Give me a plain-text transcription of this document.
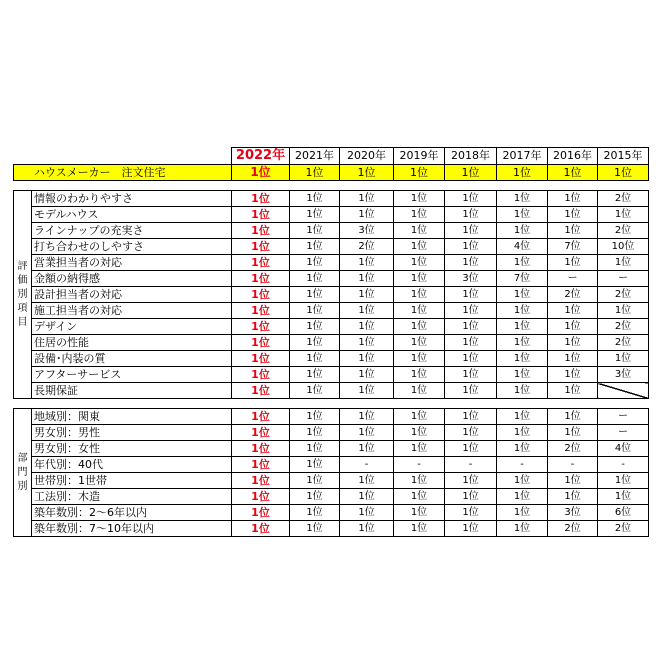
	2022年	2021年	2020年	2019年	2018年	2017年	2016年	2015年
ハウスメーカー　注文住宅	1位	1位	1位	1位	1位	1位	1位	1位
評価別項目	情報のわかりやすさ	1位	1位	1位	1位	1位	1位	1位	2位
	モデルハウス	1位	1位	1位	1位	1位	1位	1位	1位
	ラインナップの充実さ	1位	1位	3位	1位	1位	1位	1位	2位
	打ち合わせのしやすさ	1位	1位	2位	1位	1位	4位	7位	10位
	営業担当者の対応	1位	1位	1位	1位	1位	1位	1位	1位
	金額の納得感	1位	1位	1位	1位	3位	7位	ー	ー
	設計担当者の対応	1位	1位	1位	1位	1位	1位	2位	2位
	施工担当者の対応	1位	1位	1位	1位	1位	1位	1位	1位
	デザイン	1位	1位	1位	1位	1位	1位	1位	2位
	住居の性能	1位	1位	1位	1位	1位	1位	1位	2位
	設備･内装の質	1位	1位	1位	1位	1位	1位	1位	1位
	アフターサービス	1位	1位	1位	1位	1位	1位	1位	3位
	長期保証	1位	1位	1位	1位	1位	1位	1位	
部門別	地域別：関東	1位	1位	1位	1位	1位	1位	1位	ー
	男女別：男性	1位	1位	1位	1位	1位	1位	1位	ー
	男女別：女性	1位	1位	1位	1位	1位	1位	2位	4位
	年代別：40代	1位	1位	-	-	-	-	-	-
	世帯別：1世帯	1位	1位	1位	1位	1位	1位	1位	1位
	工法別：木造	1位	1位	1位	1位	1位	1位	1位	1位
	築年数別：2～6年以内	1位	1位	1位	1位	1位	1位	3位	6位
	築年数別：7～10年以内	1位	1位	1位	1位	1位	1位	2位	2位
